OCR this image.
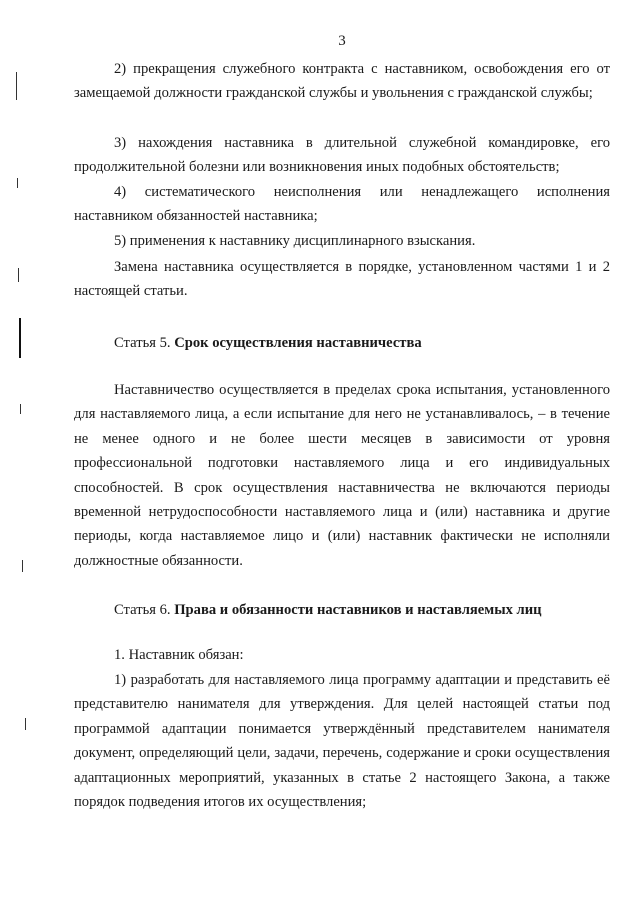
3
2) прекращения служебного контракта с наставником, освобождения его от замещаемой должности гражданской службы и увольнения с гражданской службы;
3) нахождения наставника в длительной служебной командировке, его продолжительной болезни или возникновения иных подобных обстоятельств;
4) систематического неисполнения или ненадлежащего исполнения наставником обязанностей наставника;
5) применения к наставнику дисциплинарного взыскания.
Замена наставника осуществляется в порядке, установленном частями 1 и 2 настоящей статьи.
Статья 5. Срок осуществления наставничества
Наставничество осуществляется в пределах срока испытания, установленного для наставляемого лица, а если испытание для него не устанавливалось, – в течение не менее одного и не более шести месяцев в зависимости от уровня профессиональной подготовки наставляемого лица и его индивидуальных способностей. В срок осуществления наставничества не включаются периоды временной нетрудоспособности наставляемого лица и (или) наставника и другие периоды, когда наставляемое лицо и (или) наставник фактически не исполняли должностные обязанности.
Статья 6. Права и обязанности наставников и наставляемых лиц
1. Наставник обязан:
1) разработать для наставляемого лица программу адаптации и представить её представителю нанимателя для утверждения. Для целей настоящей статьи под программой адаптации понимается утверждённый представителем нанимателя документ, определяющий цели, задачи, перечень, содержание и сроки осуществления адаптационных мероприятий, указанных в статье 2 настоящего Закона, а также порядок подведения итогов их осуществления;
